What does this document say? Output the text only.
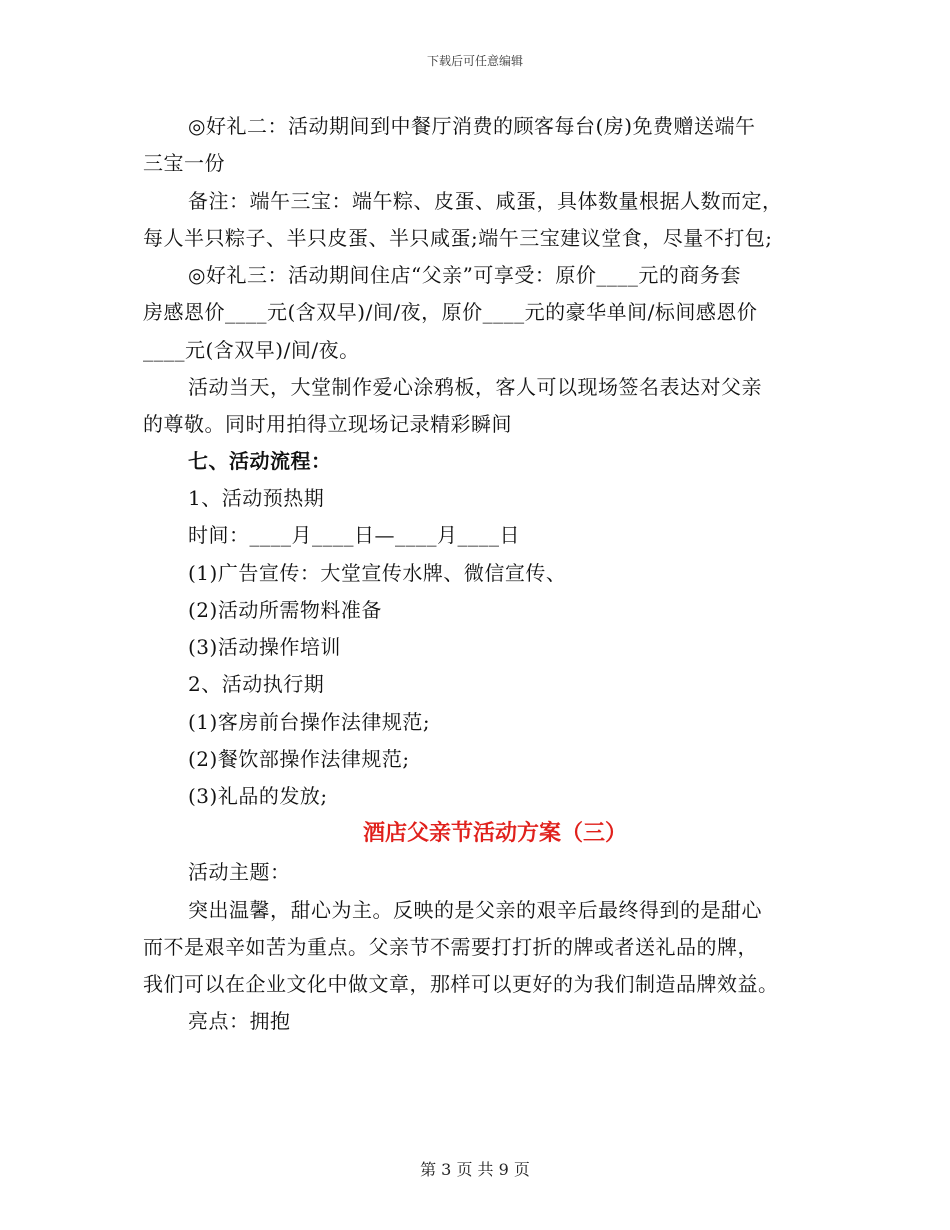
下载后可任意编辑
◎好礼二：活动期间到中餐厅消费的顾客每台(房)免费赠送端午
三宝一份
备注：端午三宝：端午粽、皮蛋、咸蛋，具体数量根据人数而定，
每人半只粽子、半只皮蛋、半只咸蛋;端午三宝建议堂食，尽量不打包;
◎好礼三：活动期间住店“父亲”可享受：原价____元的商务套
房感恩价____元(含双早)/间/夜，原价____元的豪华单间/标间感恩价
____元(含双早)/间/夜。
活动当天，大堂制作爱心涂鸦板，客人可以现场签名表达对父亲
的尊敬。同时用拍得立现场记录精彩瞬间
七、活动流程：
1、活动预热期
时间：____月____日—____月____日
(1)广告宣传：大堂宣传水牌、微信宣传、
(2)活动所需物料准备
(3)活动操作培训
2、活动执行期
(1)客房前台操作法律规范;
(2)餐饮部操作法律规范;
(3)礼品的发放;
酒店父亲节活动方案（三）
活动主题：
突出温馨，甜心为主。反映的是父亲的艰辛后最终得到的是甜心
而不是艰辛如苦为重点。父亲节不需要打打折的牌或者送礼品的牌，
我们可以在企业文化中做文章，那样可以更好的为我们制造品牌效益。
亮点：拥抱
第 3 页 共 9 页
